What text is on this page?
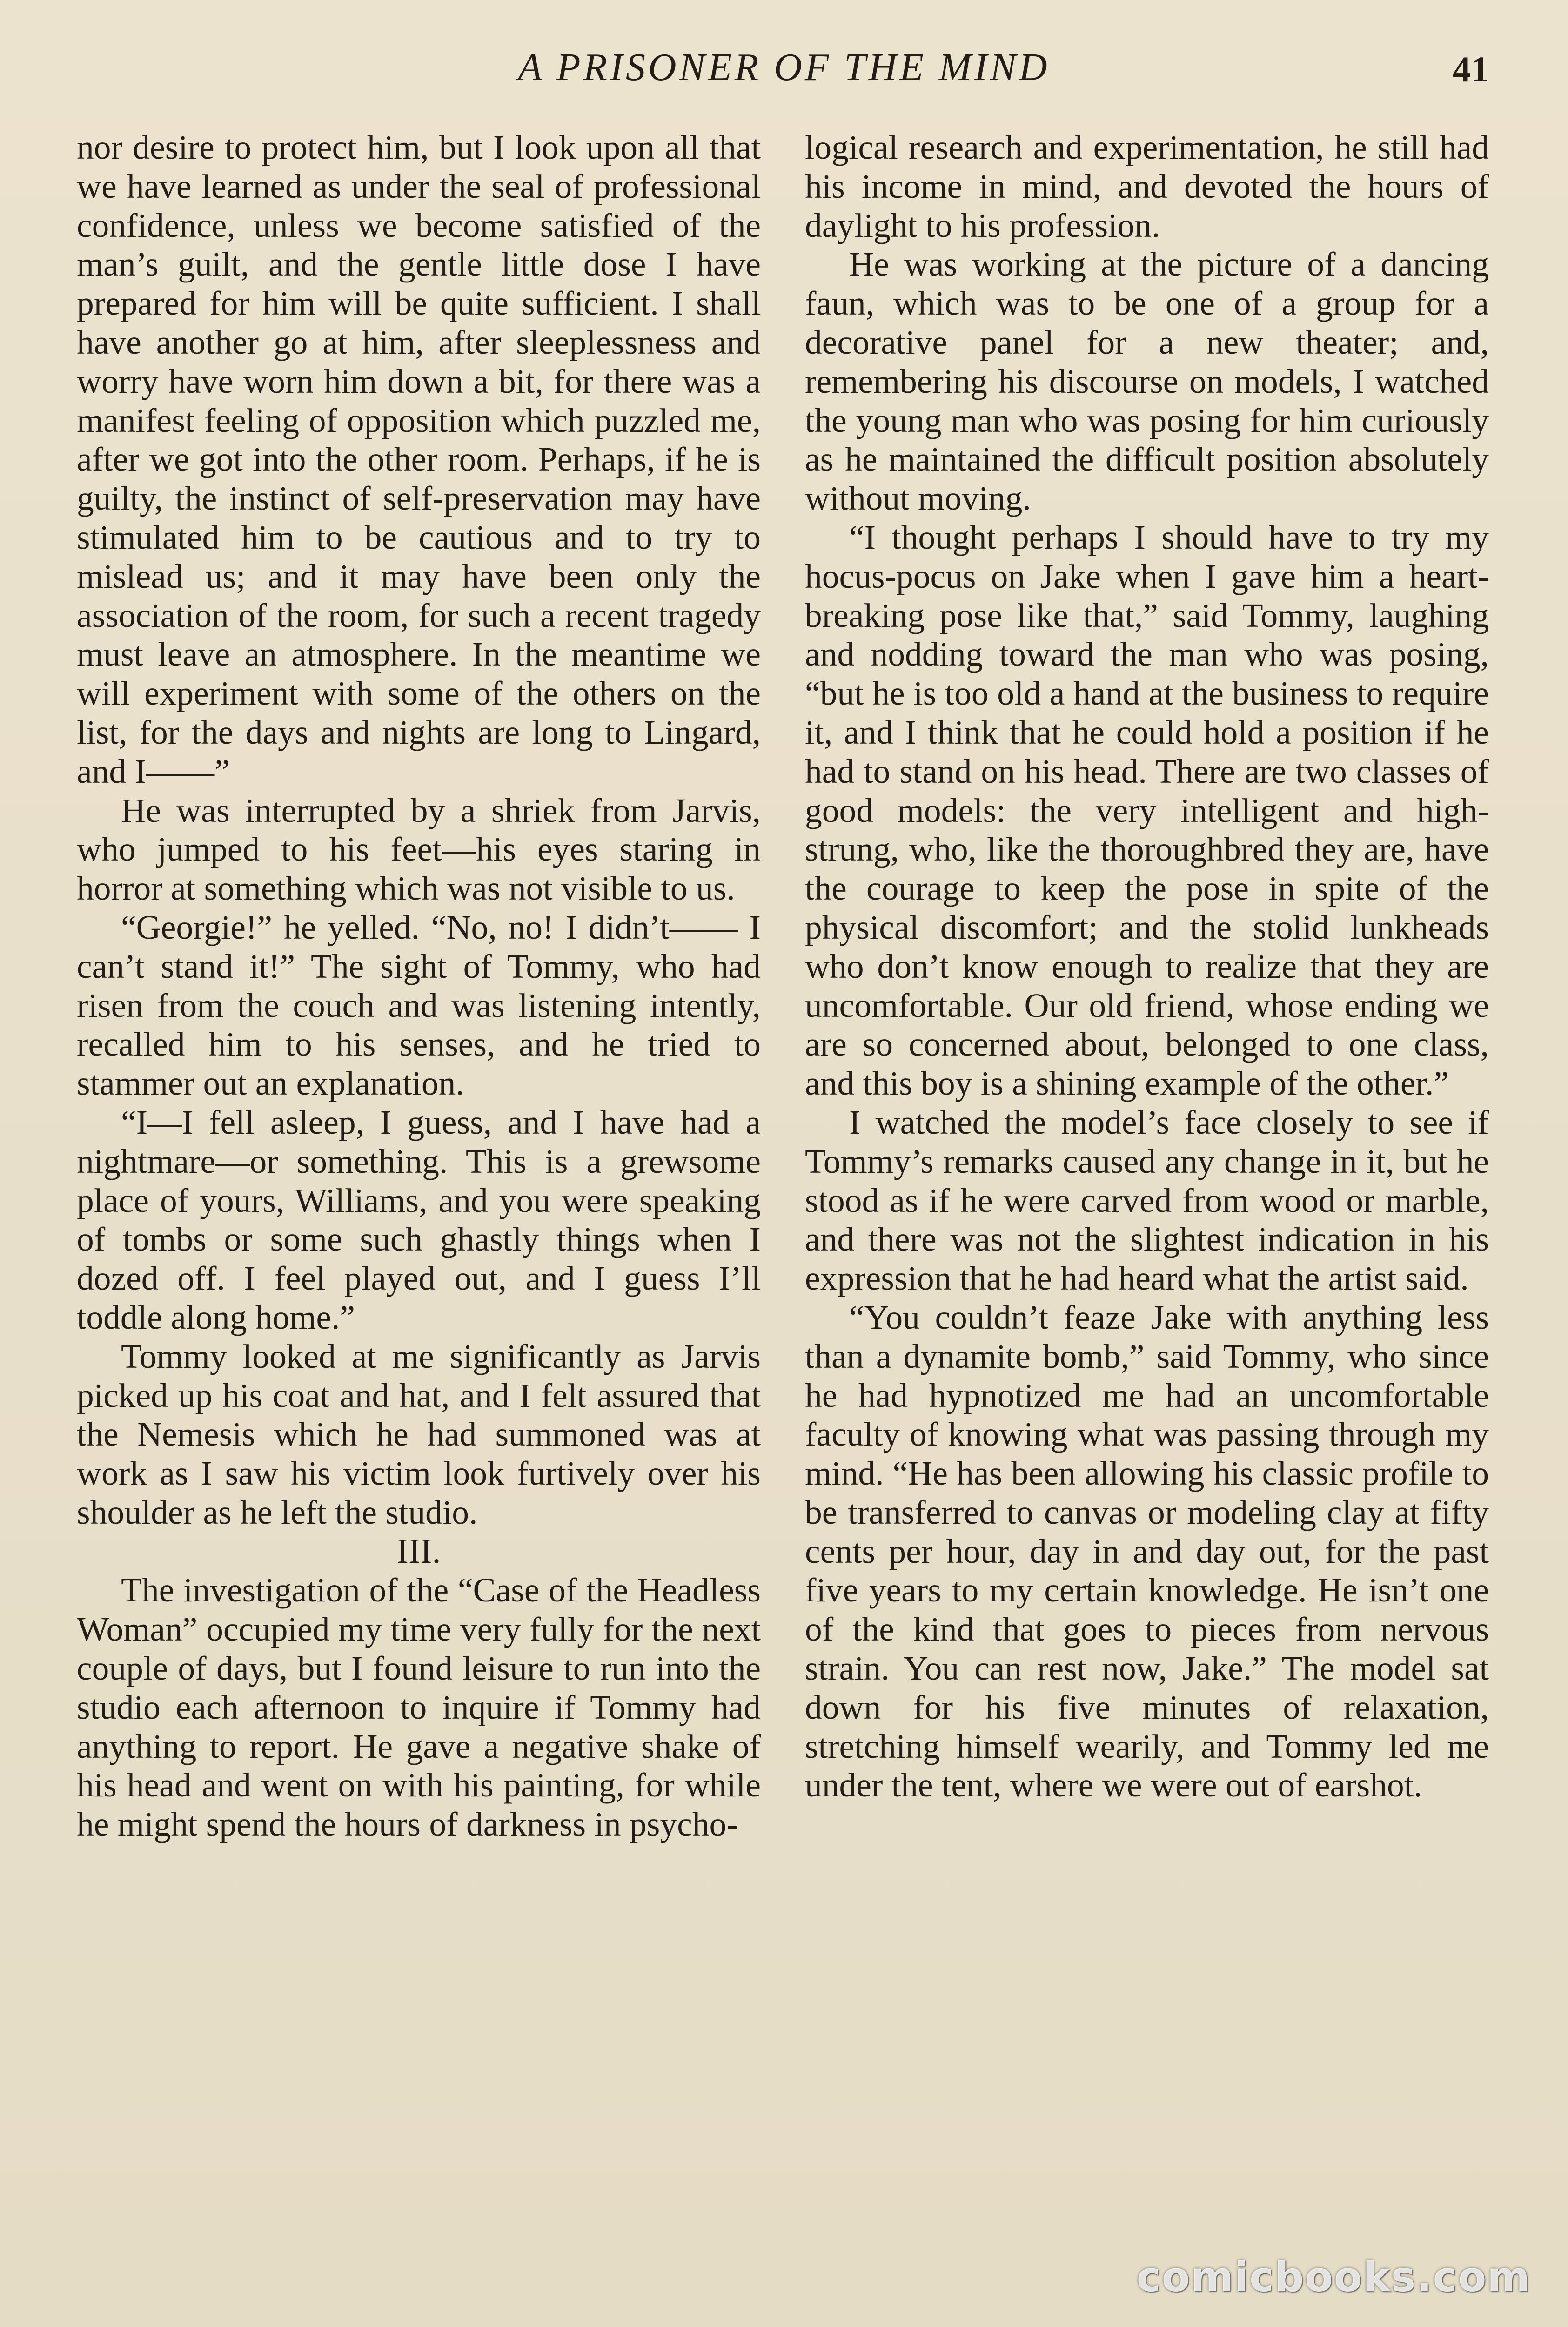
A PRISONER OF THE MIND	41

nor desire to protect him, but I look upon all that we have learned as under the seal of professional confidence, unless we become satisfied of the man’s guilt, and the gentle little dose I have prepared for him will be quite sufficient. I shall have another go at him, after sleeplessness and worry have worn him down a bit, for there was a manifest feeling of opposition which puzzled me, after we got into the other room. Perhaps, if he is guilty, the instinct of self-preservation may have stimulated him to be cautious and to try to mislead us; and it may have been only the association of the room, for such a recent tragedy must leave an atmosphere. In the meantime we will experiment with some of the others on the list, for the days and nights are long to Lingard, and I——”

He was interrupted by a shriek from Jarvis, who jumped to his feet—his eyes staring in horror at something which was not visible to us.

“Georgie!” he yelled. “No, no! I didn’t—— I can’t stand it!” The sight of Tommy, who had risen from the couch and was listening intently, recalled him to his senses, and he tried to stammer out an explanation.

“I—I fell asleep, I guess, and I have had a nightmare—or something. This is a grewsome place of yours, Williams, and you were speaking of tombs or some such ghastly things when I dozed off. I feel played out, and I guess I’ll toddle along home.”

Tommy looked at me significantly as Jarvis picked up his coat and hat, and I felt assured that the Nemesis which he had summoned was at work as I saw his victim look furtively over his shoulder as he left the studio.

III.

The investigation of the “Case of the Headless Woman” occupied my time very fully for the next couple of days, but I found leisure to run into the studio each afternoon to inquire if Tommy had anything to report. He gave a negative shake of his head and went on with his painting, for while he might spend the hours of darkness in psycho-

logical research and experimentation, he still had his income in mind, and devoted the hours of daylight to his profession.

He was working at the picture of a dancing faun, which was to be one of a group for a decorative panel for a new theater; and, remembering his discourse on models, I watched the young man who was posing for him curiously as he maintained the difficult position absolutely without moving.

“I thought perhaps I should have to try my hocus-pocus on Jake when I gave him a heart-breaking pose like that,” said Tommy, laughing and nodding toward the man who was posing, “but he is too old a hand at the business to require it, and I think that he could hold a position if he had to stand on his head. There are two classes of good models: the very intelligent and high-strung, who, like the thoroughbred they are, have the courage to keep the pose in spite of the physical discomfort; and the stolid lunkheads who don’t know enough to realize that they are uncomfortable. Our old friend, whose ending we are so concerned about, belonged to one class, and this boy is a shining example of the other.”

I watched the model’s face closely to see if Tommy’s remarks caused any change in it, but he stood as if he were carved from wood or marble, and there was not the slightest indication in his expression that he had heard what the artist said.

“You couldn’t feaze Jake with anything less than a dynamite bomb,” said Tommy, who since he had hypnotized me had an uncomfortable faculty of knowing what was passing through my mind. “He has been allowing his classic profile to be transferred to canvas or modeling clay at fifty cents per hour, day in and day out, for the past five years to my certain knowledge. He isn’t one of the kind that goes to pieces from nervous strain. You can rest now, Jake.” The model sat down for his five minutes of relaxation, stretching himself wearily, and Tommy led me under the tent, where we were out of earshot.

comicbooks.com
